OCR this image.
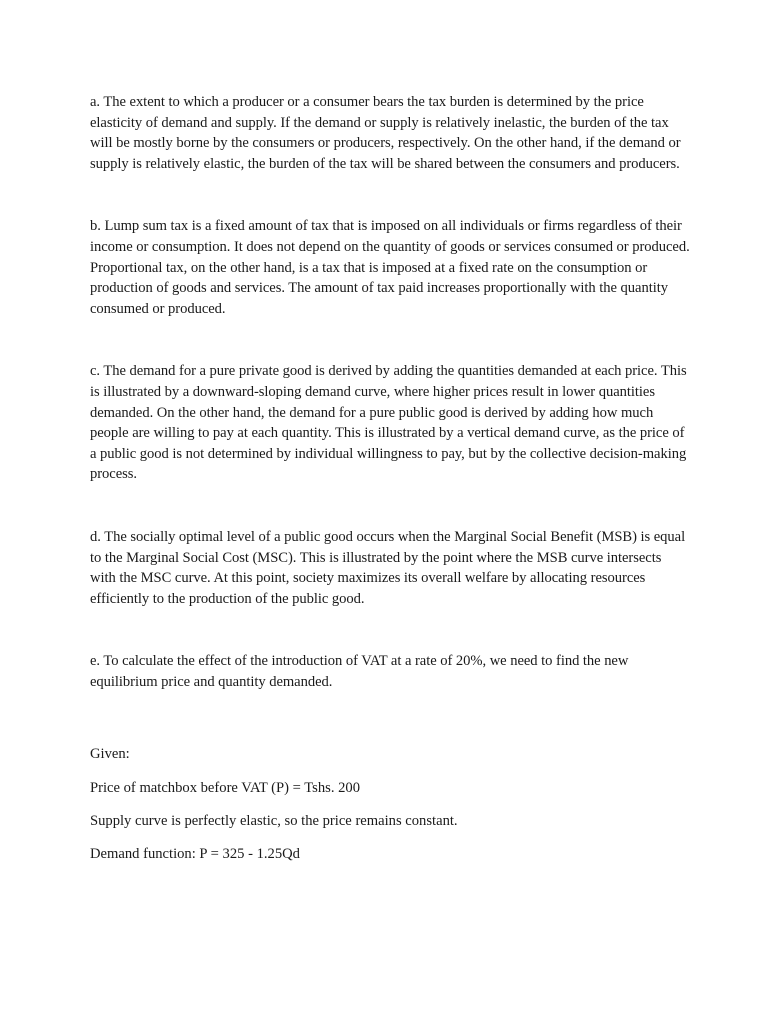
a. The extent to which a producer or a consumer bears the tax burden is determined by the price elasticity of demand and supply. If the demand or supply is relatively inelastic, the burden of the tax will be mostly borne by the consumers or producers, respectively. On the other hand, if the demand or supply is relatively elastic, the burden of the tax will be shared between the consumers and producers.

b. Lump sum tax is a fixed amount of tax that is imposed on all individuals or firms regardless of their income or consumption. It does not depend on the quantity of goods or services consumed or produced. Proportional tax, on the other hand, is a tax that is imposed at a fixed rate on the consumption or production of goods and services. The amount of tax paid increases proportionally with the quantity consumed or produced.

c. The demand for a pure private good is derived by adding the quantities demanded at each price. This is illustrated by a downward-sloping demand curve, where higher prices result in lower quantities demanded. On the other hand, the demand for a pure public good is derived by adding how much people are willing to pay at each quantity. This is illustrated by a vertical demand curve, as the price of a public good is not determined by individual willingness to pay, but by the collective decision-making process.

d. The socially optimal level of a public good occurs when the Marginal Social Benefit (MSB) is equal to the Marginal Social Cost (MSC). This is illustrated by the point where the MSB curve intersects with the MSC curve. At this point, society maximizes its overall welfare by allocating resources efficiently to the production of the public good.

e. To calculate the effect of the introduction of VAT at a rate of 20%, we need to find the new equilibrium price and quantity demanded.

Given:

Price of matchbox before VAT (P) = Tshs. 200

Supply curve is perfectly elastic, so the price remains constant.

Demand function: P = 325 - 1.25Qd
